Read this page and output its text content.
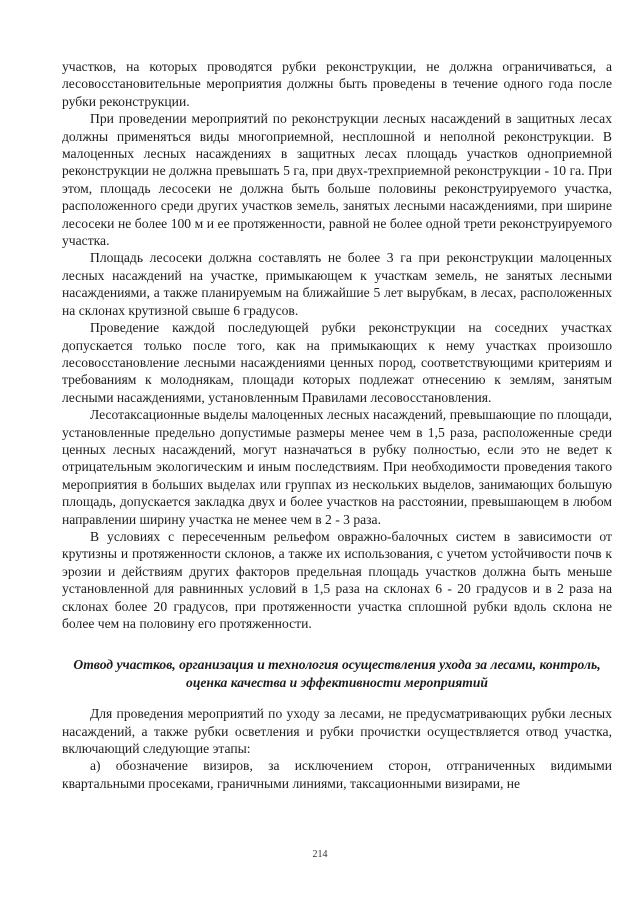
участков, на которых проводятся рубки реконструкции, не должна ограничиваться, а лесовосстановительные мероприятия должны быть проведены в течение одного года после рубки реконструкции.

При проведении мероприятий по реконструкции лесных насаждений в защитных лесах должны применяться виды многоприемной, несплошной и неполной реконструкции. В малоценных лесных насаждениях в защитных лесах площадь участков одноприемной реконструкции не должна превышать 5 га, при двух-трехприемной реконструкции - 10 га. При этом, площадь лесосеки не должна быть больше половины реконструируемого участка, расположенного среди других участков земель, занятых лесными насаждениями, при ширине лесосеки не более 100 м и ее протяженности, равной не более одной трети реконструируемого участка.

Площадь лесосеки должна составлять не более 3 га при реконструкции малоценных лесных насаждений на участке, примыкающем к участкам земель, не занятых лесными насаждениями, а также планируемым на ближайшие 5 лет вырубкам, в лесах, расположенных на склонах крутизной свыше 6 градусов.

Проведение каждой последующей рубки реконструкции на соседних участках допускается только после того, как на примыкающих к нему участках произошло лесовосстановление лесными насаждениями ценных пород, соответствующими критериям и требованиям к молоднякам, площади которых подлежат отнесению к землям, занятым лесными насаждениями, установленным Правилами лесовосстановления.

Лесотаксационные выделы малоценных лесных насаждений, превышающие по площади, установленные предельно допустимые размеры менее чем в 1,5 раза, расположенные среди ценных лесных насаждений, могут назначаться в рубку полностью, если это не ведет к отрицательным экологическим и иным последствиям. При необходимости проведения такого мероприятия в больших выделах или группах из нескольких выделов, занимающих большую площадь, допускается закладка двух и более участков на расстоянии, превышающем в любом направлении ширину участка не менее чем в 2 - 3 раза.

В условиях с пересеченным рельефом овражно-балочных систем в зависимости от крутизны и протяженности склонов, а также их использования, с учетом устойчивости почв к эрозии и действиям других факторов предельная площадь участков должна быть меньше установленной для равнинных условий в 1,5 раза на склонах 6 - 20 градусов и в 2 раза на склонах более 20 градусов, при протяженности участка сплошной рубки вдоль склона не более чем на половину его протяженности.

Отвод участков, организация и технология осуществления ухода за лесами, контроль, оценка качества и эффективности мероприятий

Для проведения мероприятий по уходу за лесами, не предусматривающих рубки лесных насаждений, а также рубки осветления и рубки прочистки осуществляется отвод участка, включающий следующие этапы:

а) обозначение визиров, за исключением сторон, отграниченных видимыми квартальными просеками, граничными линиями, таксационными визирами, не

214
